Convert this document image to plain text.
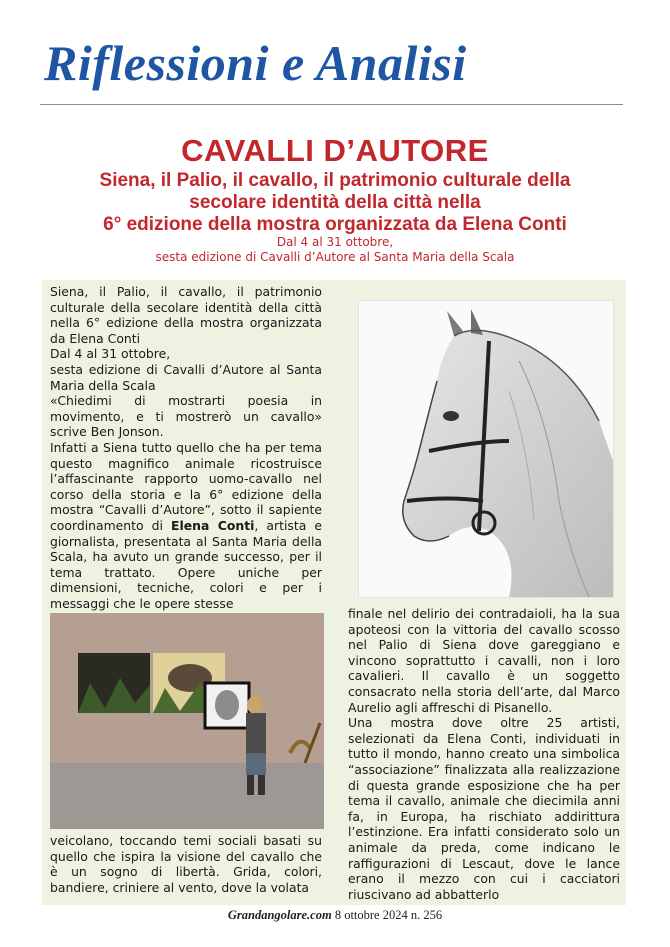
Riflessioni e Analisi
CAVALLI D’AUTORE
Siena, il Palio, il cavallo, il patrimonio culturale della
secolare identità della città nella
6° edizione della mostra organizzata da Elena Conti
Dal 4 al 31 ottobre,
sesta edizione di Cavalli d’Autore al Santa Maria della Scala

Siena, il Palio, il cavallo, il patrimonio culturale della secolare identità della città nella 6° edizione della mostra organizzata da Elena Conti

Dal 4 al 31 ottobre,

sesta edizione di Cavalli d’Autore al Santa Maria della Scala

«Chiedimi di mostrarti poesia in movimento, e ti mostrerò un cavallo» scrive Ben Jonson.

Infatti a Siena tutto quello che ha per tema questo magnifico animale ricostruisce l’affascinante rapporto uomo-cavallo nel corso della storia e la 6° edizione della mostra “Cavalli d’Autore”, sotto il sapiente coordinamento di Elena Conti, artista e giornalista, presentata al Santa Maria della Scala, ha avuto un grande successo, per il tema trattato. Opere uniche per dimensioni, tecniche, colori e per i messaggi che le opere stesse

veicolano, toccando temi sociali basati su quello che ispira la visione del cavallo che è un sogno di libertà. Grida, colori, bandiere, criniere al vento, dove la volata

finale nel delirio dei contradaioli, ha la sua apoteosi con la vittoria del cavallo scosso nel Palio di Siena dove gareggiano e vincono soprattutto i cavalli, non i loro cavalieri. Il cavallo è un soggetto consacrato nella storia dell’arte, dal Marco Aurelio agli affreschi di Pisanello.

Una mostra dove oltre 25 artisti, selezionati da Elena Conti, individuati in tutto il mondo, hanno creato una simbolica “associazione” finalizzata alla realizzazione di questa grande esposizione che ha per tema il cavallo, animale che diecimila anni fa, in Europa, ha rischiato addirittura l’estinzione. Era infatti considerato solo un animale da preda, come indicano le raffigurazioni di Lescaut, dove le lance erano il mezzo con cui i cacciatori riuscivano ad abbatterlo

Grandangolare.com 8 ottobre 2024 n. 256
